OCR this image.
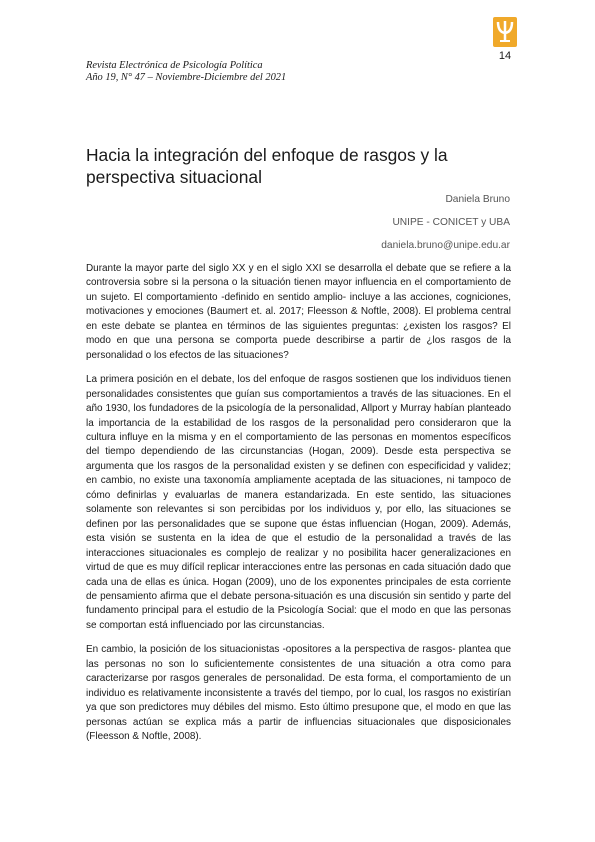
14
Revista Electrónica de Psicología Política
Año 19, N° 47 – Noviembre-Diciembre del 2021
Hacia la integración del enfoque de rasgos y la perspectiva situacional
Daniela Bruno
UNIPE - CONICET y UBA
daniela.bruno@unipe.edu.ar

Durante la mayor parte del siglo XX y en el siglo XXI se desarrolla el debate que se refiere a la controversia sobre si la persona o la situación tienen mayor influencia en el comportamiento de un sujeto. El comportamiento -definido en sentido amplio- incluye a las acciones, cogniciones, motivaciones y emociones (Baumert et. al. 2017; Fleesson & Noftle, 2008). El problema central en este debate se plantea en términos de las siguientes preguntas: ¿existen los rasgos? El modo en que una persona se comporta puede describirse a partir de ¿los rasgos de la personalidad o los efectos de las situaciones?

La primera posición en el debate, los del enfoque de rasgos sostienen que los individuos tienen personalidades consistentes que guían sus comportamientos a través de las situaciones. En el año 1930, los fundadores de la psicología de la personalidad, Allport y Murray habían planteado la importancia de la estabilidad de los rasgos de la personalidad pero consideraron que la cultura influye en la misma y en el comportamiento de las personas en momentos específicos del tiempo dependiendo de las circunstancias (Hogan, 2009). Desde esta perspectiva se argumenta que los rasgos de la personalidad existen y se definen con especificidad y validez; en cambio, no existe una taxonomía ampliamente aceptada de las situaciones, ni tampoco de cómo definirlas y evaluarlas de manera estandarizada. En este sentido, las situaciones solamente son relevantes si son percibidas por los individuos y, por ello, las situaciones se definen por las personalidades que se supone que éstas influencian (Hogan, 2009). Además, esta visión se sustenta en la idea de que el estudio de la personalidad a través de las interacciones situacionales es complejo de realizar y no posibilita hacer generalizaciones en virtud de que es muy difícil replicar interacciones entre las personas en cada situación dado que cada una de ellas es única. Hogan (2009), uno de los exponentes principales de esta corriente de pensamiento afirma que el debate persona-situación es una discusión sin sentido y parte del fundamento principal para el estudio de la Psicología Social: que el modo en que las personas se comportan está influenciado por las circunstancias.

En cambio, la posición de los situacionistas -opositores a la perspectiva de rasgos- plantea que las personas no son lo suficientemente consistentes de una situación a otra como para caracterizarse por rasgos generales de personalidad. De esta forma, el comportamiento de un individuo es relativamente inconsistente a través del tiempo, por lo cual, los rasgos no existirían ya que son predictores muy débiles del mismo. Esto último presupone que, el modo en que las personas actúan se explica más a partir de influencias situacionales que disposicionales (Fleesson & Noftle, 2008).
